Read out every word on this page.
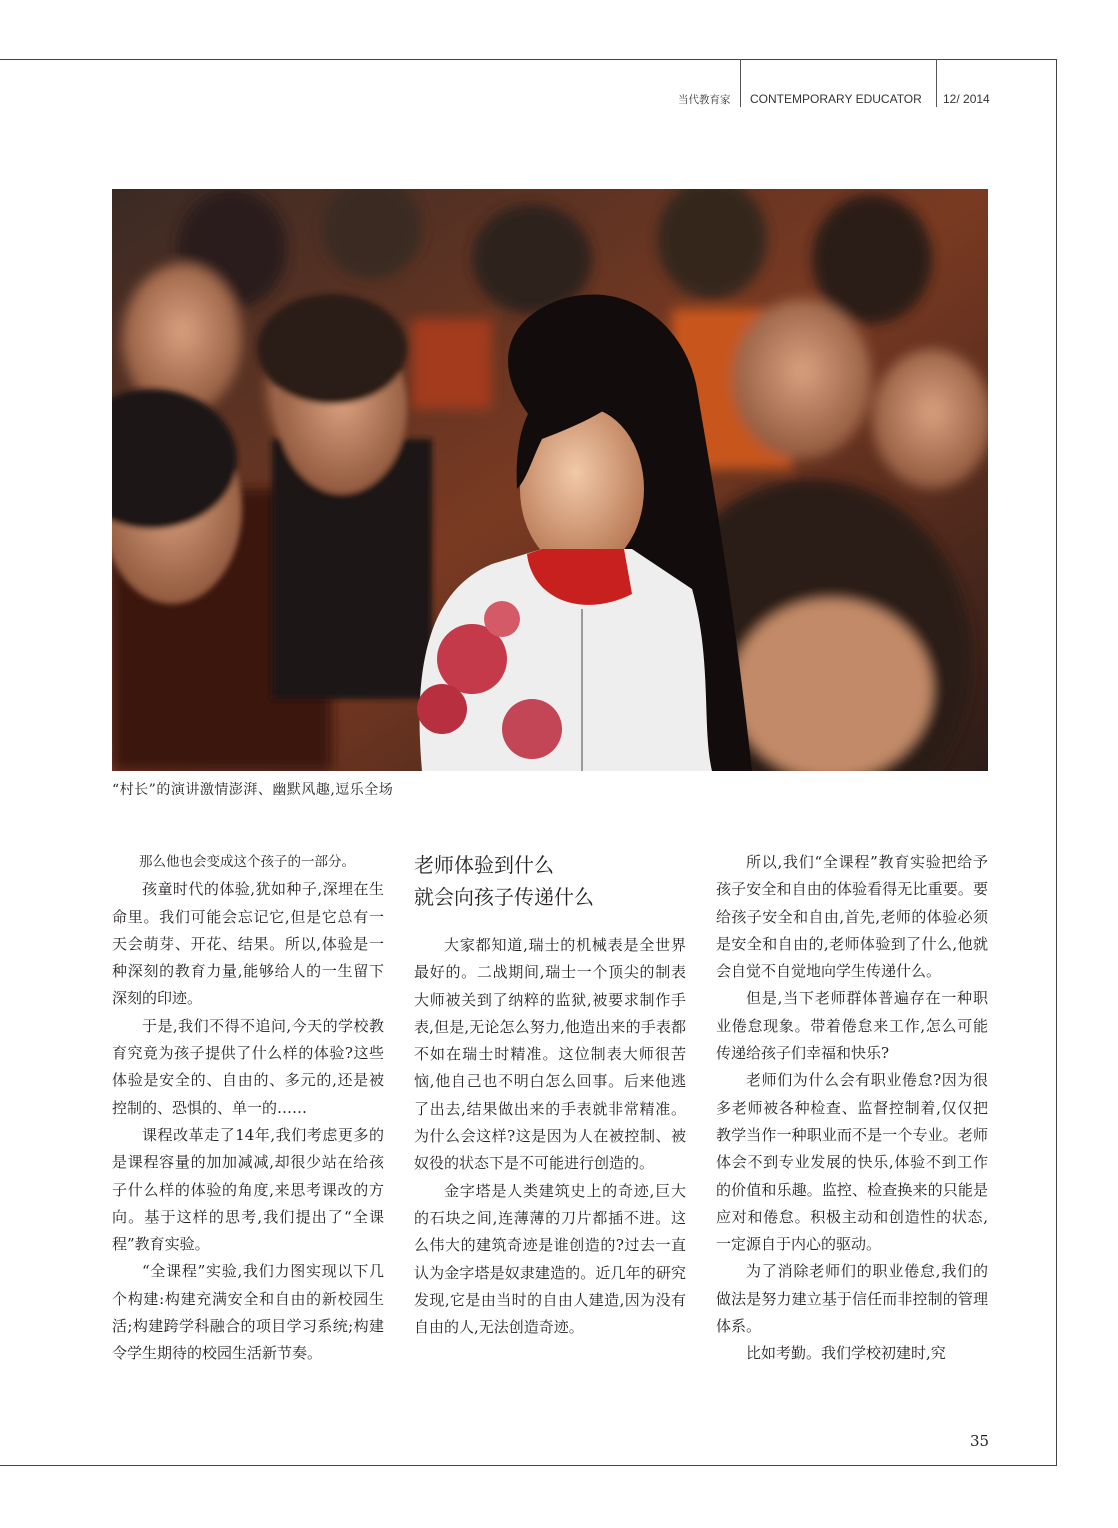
当代教育家 CONTEMPORARY EDUCATOR 12/ 2014
“村长”的演讲激情澎湃、幽默风趣,逗乐全场

那么他也会变成这个孩子的一部分。

孩童时代的体验,犹如种子,深埋在生命里。我们可能会忘记它,但是它总有一天会萌芽、开花、结果。所以,体验是一种深刻的教育力量,能够给人的一生留下深刻的印迹。

于是,我们不得不追问,今天的学校教育究竟为孩子提供了什么样的体验?这些体验是安全的、自由的、多元的,还是被控制的、恐惧的、单一的……

课程改革走了14年,我们考虑更多的是课程容量的加加减减,却很少站在给孩子什么样的体验的角度,来思考课改的方向。基于这样的思考,我们提出了“全课程”教育实验。

“全课程”实验,我们力图实现以下几个构建:构建充满安全和自由的新校园生活;构建跨学科融合的项目学习系统;构建令学生期待的校园生活新节奏。

老师体验到什么
就会向孩子传递什么

大家都知道,瑞士的机械表是全世界最好的。二战期间,瑞士一个顶尖的制表大师被关到了纳粹的监狱,被要求制作手表,但是,无论怎么努力,他造出来的手表都不如在瑞士时精准。这位制表大师很苦恼,他自己也不明白怎么回事。后来他逃了出去,结果做出来的手表就非常精准。为什么会这样?这是因为人在被控制、被奴役的状态下是不可能进行创造的。

金字塔是人类建筑史上的奇迹,巨大的石块之间,连薄薄的刀片都插不进。这么伟大的建筑奇迹是谁创造的?过去一直认为金字塔是奴隶建造的。近几年的研究发现,它是由当时的自由人建造,因为没有自由的人,无法创造奇迹。

所以,我们“全课程”教育实验把给予孩子安全和自由的体验看得无比重要。要给孩子安全和自由,首先,老师的体验必须是安全和自由的,老师体验到了什么,他就会自觉不自觉地向学生传递什么。

但是,当下老师群体普遍存在一种职业倦怠现象。带着倦怠来工作,怎么可能传递给孩子们幸福和快乐?

老师们为什么会有职业倦怠?因为很多老师被各种检查、监督控制着,仅仅把教学当作一种职业而不是一个专业。老师体会不到专业发展的快乐,体验不到工作的价值和乐趣。监控、检查换来的只能是应对和倦怠。积极主动和创造性的状态,一定源自于内心的驱动。

为了消除老师们的职业倦怠,我们的做法是努力建立基于信任而非控制的管理体系。

比如考勤。我们学校初建时,究

35
